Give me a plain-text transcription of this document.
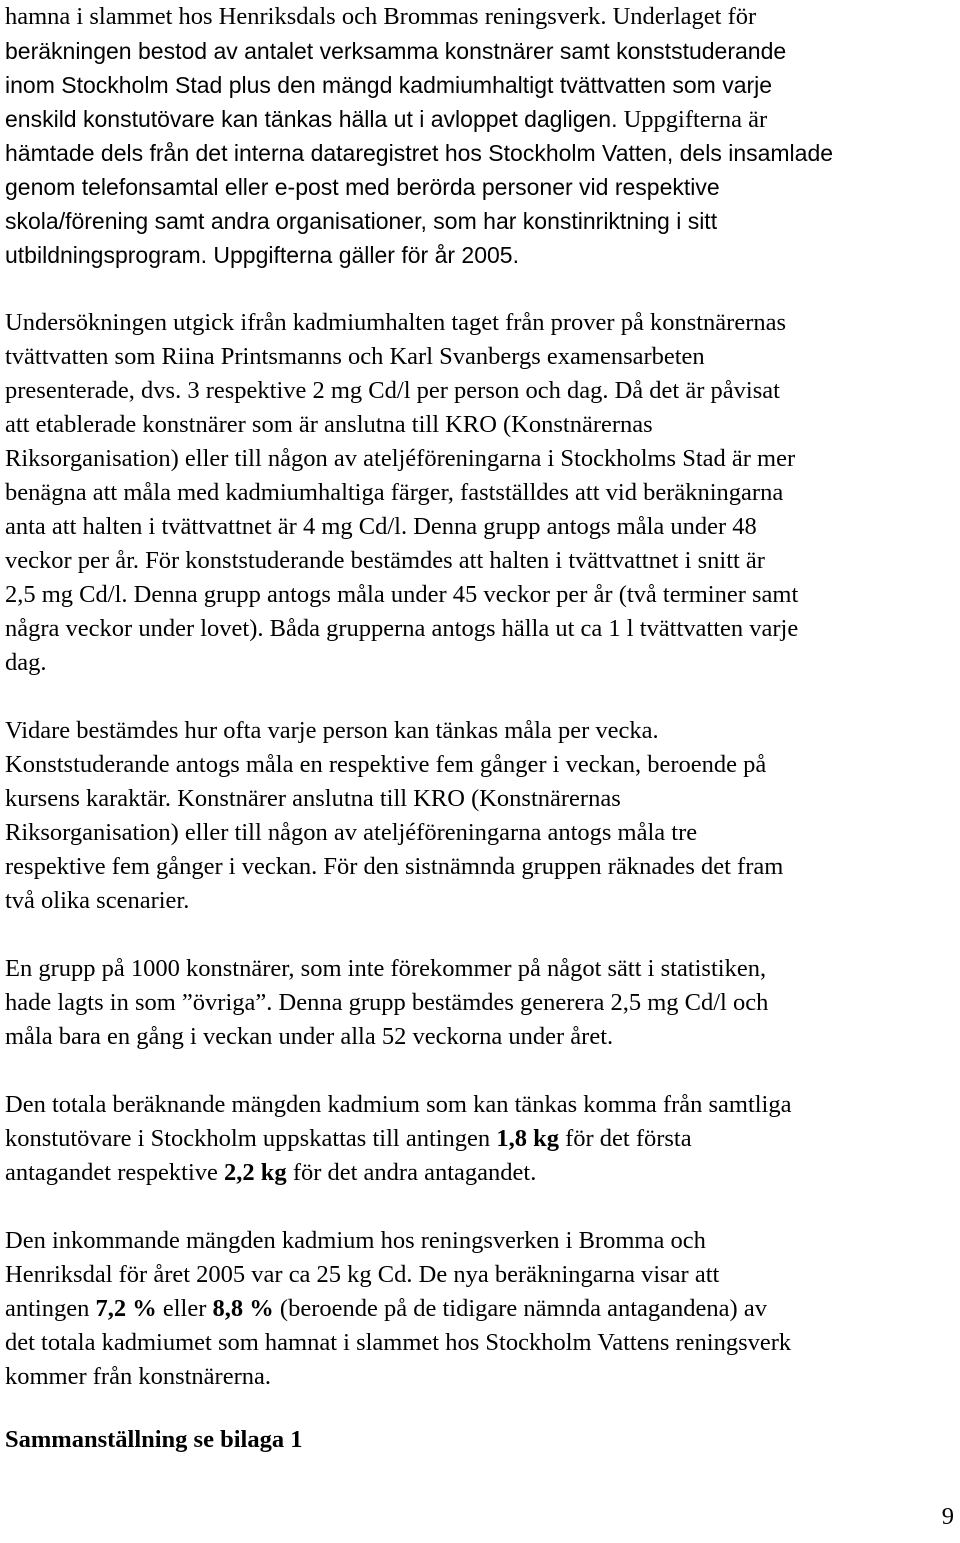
hamna i slammet hos Henriksdals och Brommas reningsverk. Underlaget för
beräkningen bestod av antalet verksamma konstnärer samt konststuderande
inom Stockholm Stad plus den mängd kadmiumhaltigt tvättvatten som varje
enskild konstutövare kan tänkas hälla ut i avloppet dagligen. Uppgifterna är
hämtade dels från det interna dataregistret hos Stockholm Vatten, dels insamlade
genom telefonsamtal eller e-post med berörda personer vid respektive
skola/förening samt andra organisationer, som har konstinriktning i sitt
utbildningsprogram. Uppgifterna gäller för år 2005.

Undersökningen utgick ifrån kadmiumhalten taget från prover på konstnärernas
tvättvatten som Riina Printsmanns och Karl Svanbergs examensarbeten
presenterade, dvs. 3 respektive 2 mg Cd/l per person och dag. Då det är påvisat
att etablerade konstnärer som är anslutna till KRO (Konstnärernas
Riksorganisation) eller till någon av ateljéföreningarna i Stockholms Stad är mer
benägna att måla med kadmiumhaltiga färger, fastställdes att vid beräkningarna
anta att halten i tvättvattnet är 4 mg Cd/l. Denna grupp antogs måla under 48
veckor per år. För konststuderande bestämdes att halten i tvättvattnet i snitt är
2,5 mg Cd/l. Denna grupp antogs måla under 45 veckor per år (två terminer samt
några veckor under lovet). Båda grupperna antogs hälla ut ca 1 l tvättvatten varje
dag.

Vidare bestämdes hur ofta varje person kan tänkas måla per vecka.
Konststuderande antogs måla en respektive fem gånger i veckan, beroende på
kursens karaktär. Konstnärer anslutna till KRO (Konstnärernas
Riksorganisation) eller till någon av ateljéföreningarna antogs måla tre
respektive fem gånger i veckan. För den sistnämnda gruppen räknades det fram
två olika scenarier.

En grupp på 1000 konstnärer, som inte förekommer på något sätt i statistiken,
hade lagts in som ”övriga”. Denna grupp bestämdes generera 2,5 mg Cd/l och
måla bara en gång i veckan under alla 52 veckorna under året.

Den totala beräknande mängden kadmium som kan tänkas komma från samtliga
konstutövare i Stockholm uppskattas till antingen 1,8 kg för det första
antagandet respektive 2,2 kg för det andra antagandet.

Den inkommande mängden kadmium hos reningsverken i Bromma och
Henriksdal för året 2005 var ca 25 kg Cd. De nya beräkningarna visar att
antingen 7,2 % eller 8,8 % (beroende på de tidigare nämnda antagandena) av
det totala kadmiumet som hamnat i slammet hos Stockholm Vattens reningsverk
kommer från konstnärerna.

Sammanställning se bilaga 1
9
